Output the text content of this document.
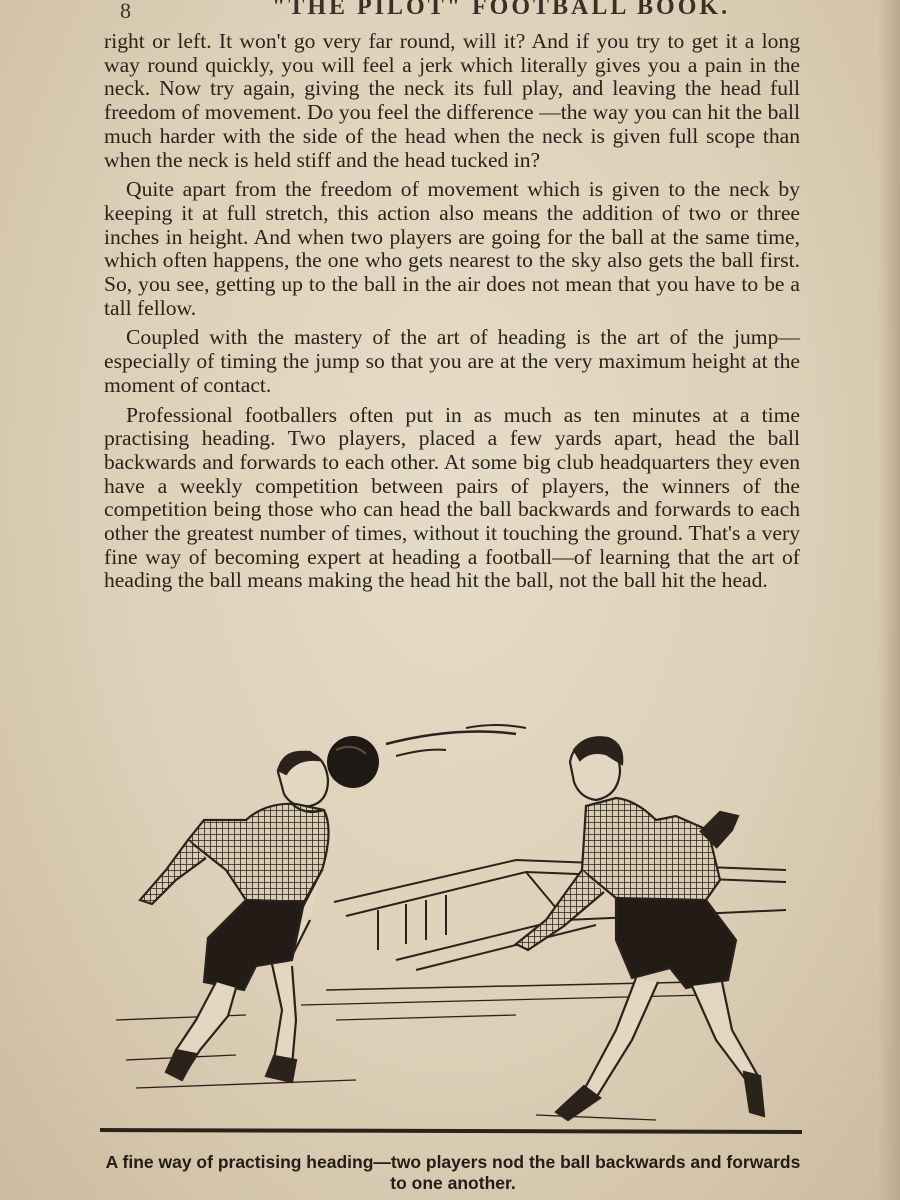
8	"THE PILOT" FOOTBALL BOOK.

right or left. It won't go very far round, will it? And if you try to get it a long way round quickly, you will feel a jerk which literally gives you a pain in the neck. Now try again, giving the neck its full play, and leaving the head full freedom of movement. Do you feel the difference —the way you can hit the ball much harder with the side of the head when the neck is given full scope than when the neck is held stiff and the head tucked in?

Quite apart from the freedom of movement which is given to the neck by keeping it at full stretch, this action also means the addition of two or three inches in height. And when two players are going for the ball at the same time, which often happens, the one who gets nearest to the sky also gets the ball first. So, you see, getting up to the ball in the air does not mean that you have to be a tall fellow.

Coupled with the mastery of the art of heading is the art of the jump—especially of timing the jump so that you are at the very maximum height at the moment of contact.

Professional footballers often put in as much as ten minutes at a time practising heading. Two players, placed a few yards apart, head the ball backwards and forwards to each other. At some big club headquarters they even have a weekly competition between pairs of players, the winners of the competition being those who can head the ball backwards and forwards to each other the greatest number of times, without it touching the ground. That's a very fine way of becoming expert at heading a football—of learning that the art of heading the ball means making the head hit the ball, not the ball hit the head.

A fine way of practising heading—two players nod the ball backwards and forwards to one another.
